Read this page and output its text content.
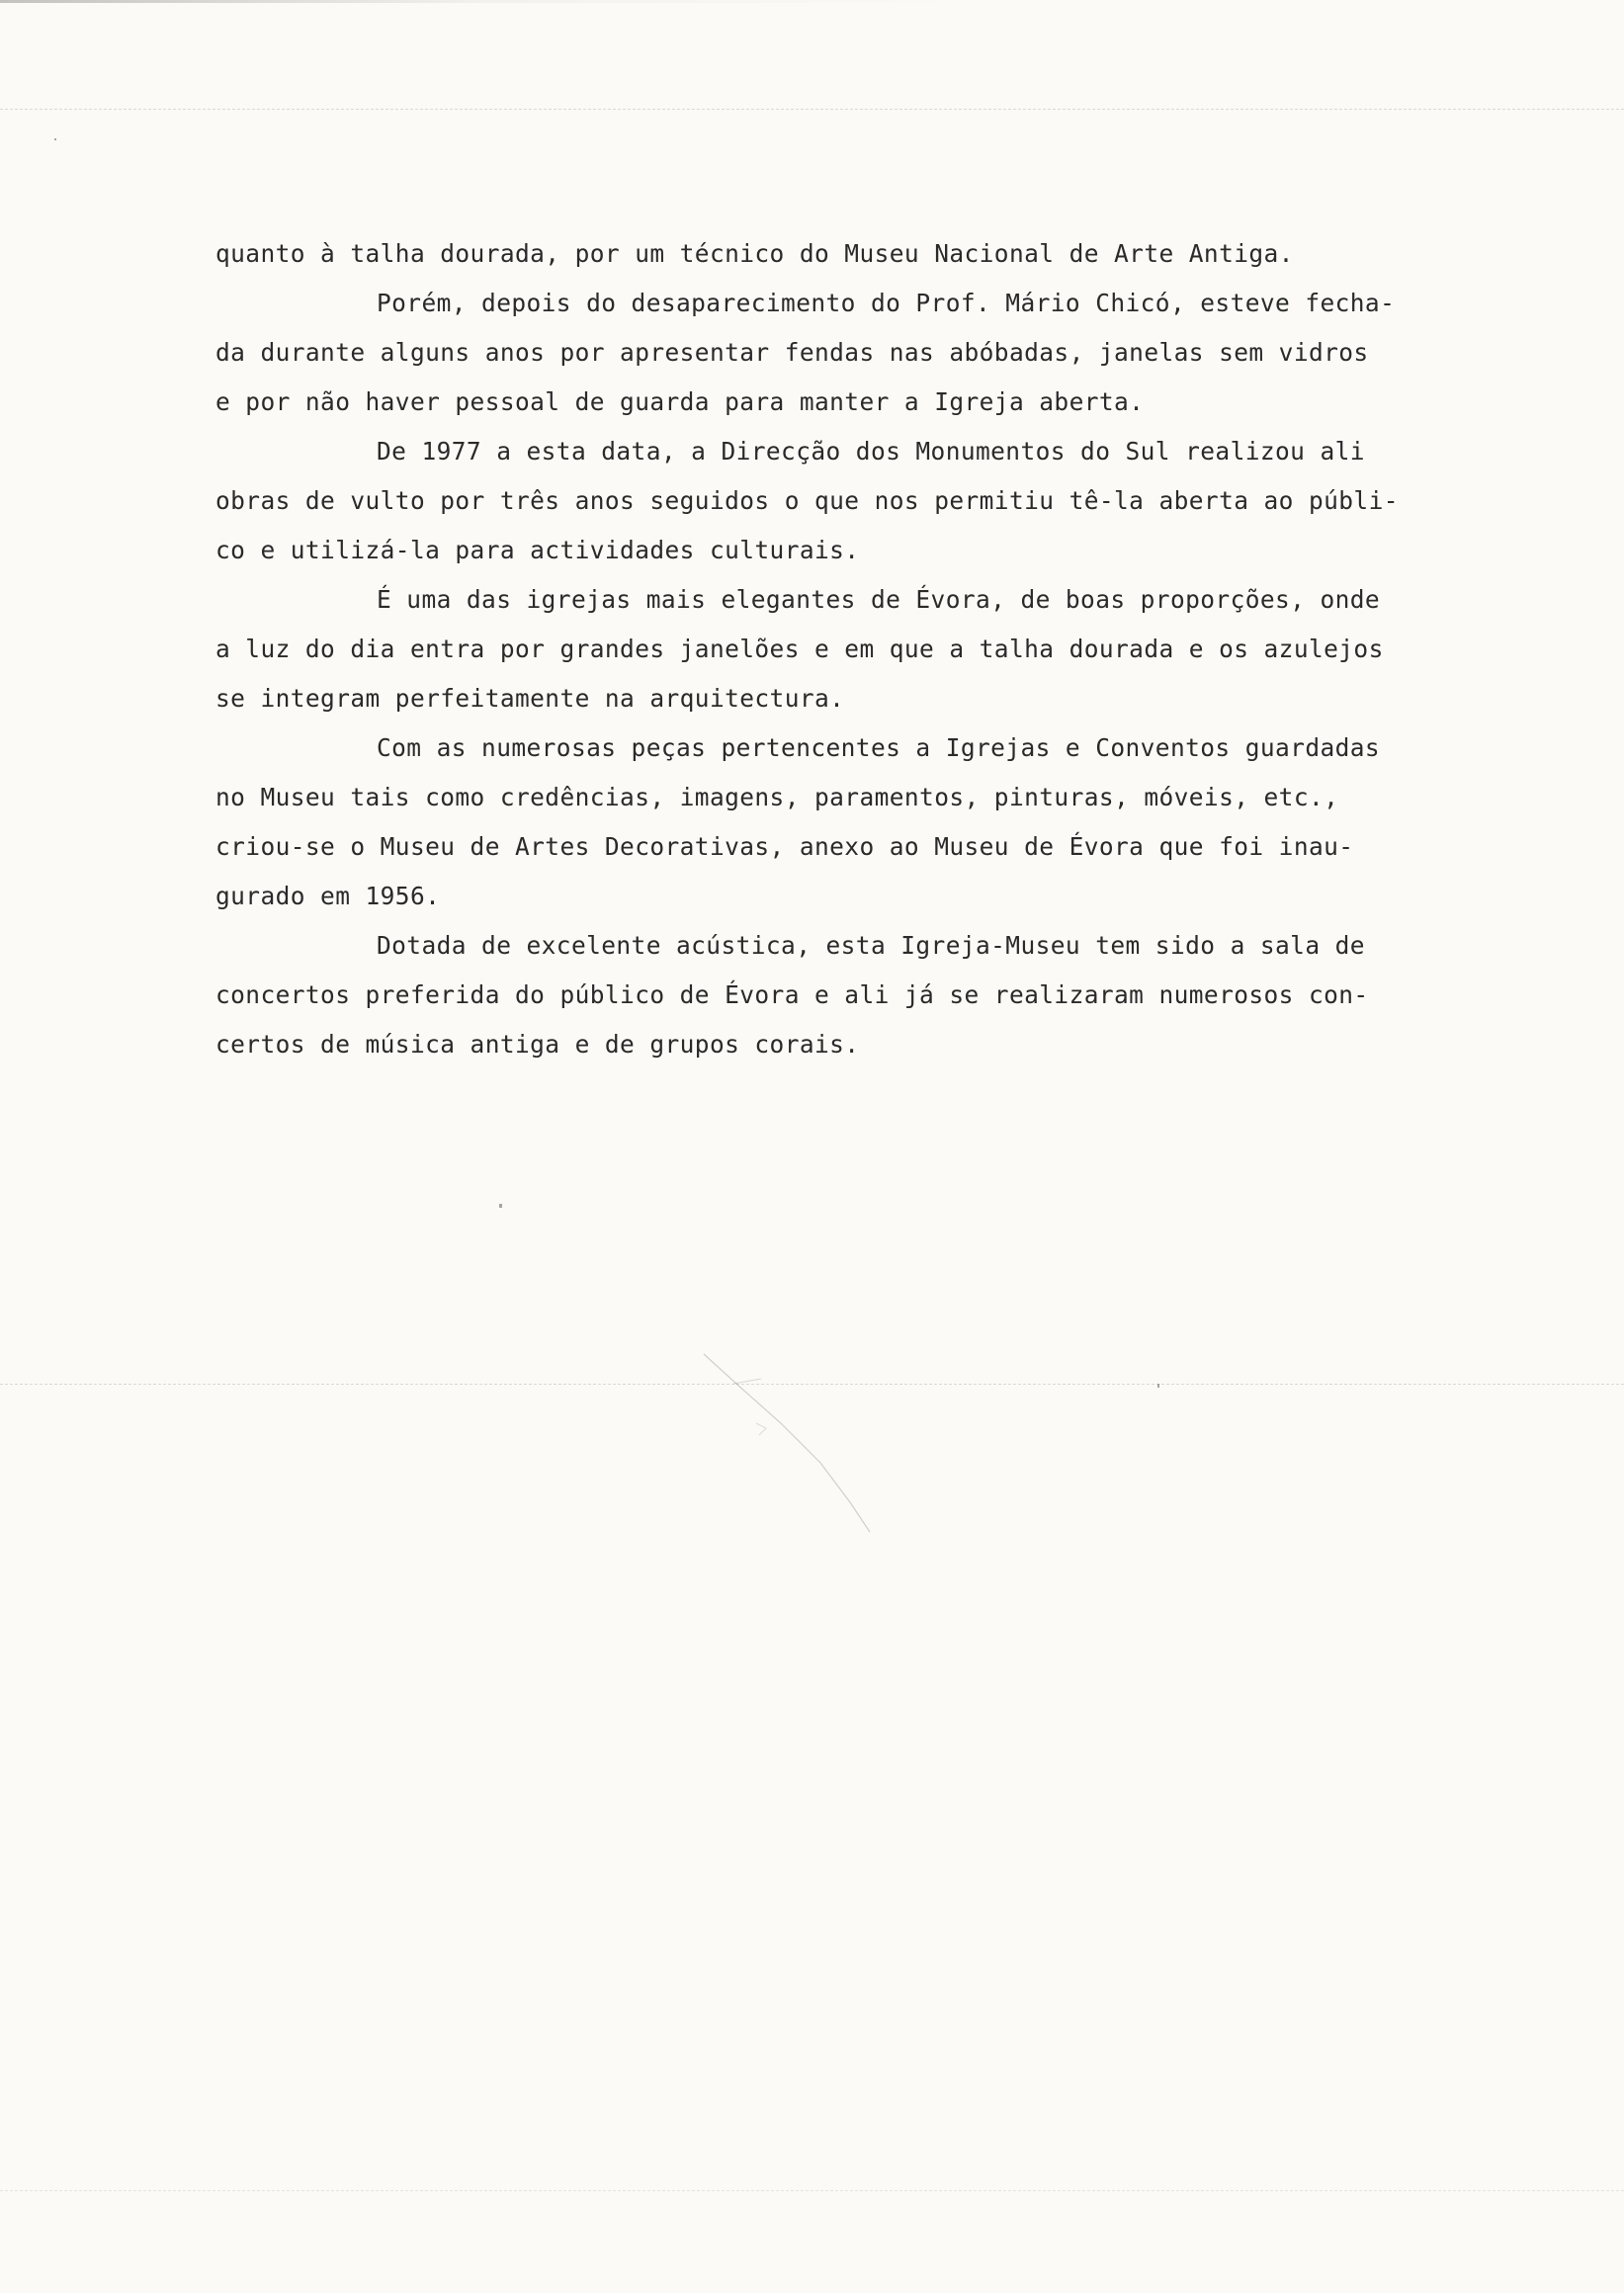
quanto à talha dourada, por um técnico do Museu Nacional de Arte Antiga.
Porém, depois do desaparecimento do Prof. Mário Chicó, esteve fecha-
da durante alguns anos por apresentar fendas nas abóbadas, janelas sem vidros
e por não haver pessoal de guarda para manter a Igreja aberta.
De 1977 a esta data, a Direcção dos Monumentos do Sul realizou ali
obras de vulto por três anos seguidos o que nos permitiu tê-la aberta ao públi-
co e utilizá-la para actividades culturais.
É uma das igrejas mais elegantes de Évora, de boas proporções, onde
a luz do dia entra por grandes janelões e em que a talha dourada e os azulejos
se integram perfeitamente na arquitectura.
Com as numerosas peças pertencentes a Igrejas e Conventos guardadas
no Museu tais como credências, imagens, paramentos, pinturas, móveis, etc.,
criou-se o Museu de Artes Decorativas, anexo ao Museu de Évora que foi inau-
gurado em 1956.
Dotada de excelente acústica, esta Igreja-Museu tem sido a sala de
concertos preferida do público de Évora e ali já se realizaram numerosos con-
certos de música antiga e de grupos corais.
